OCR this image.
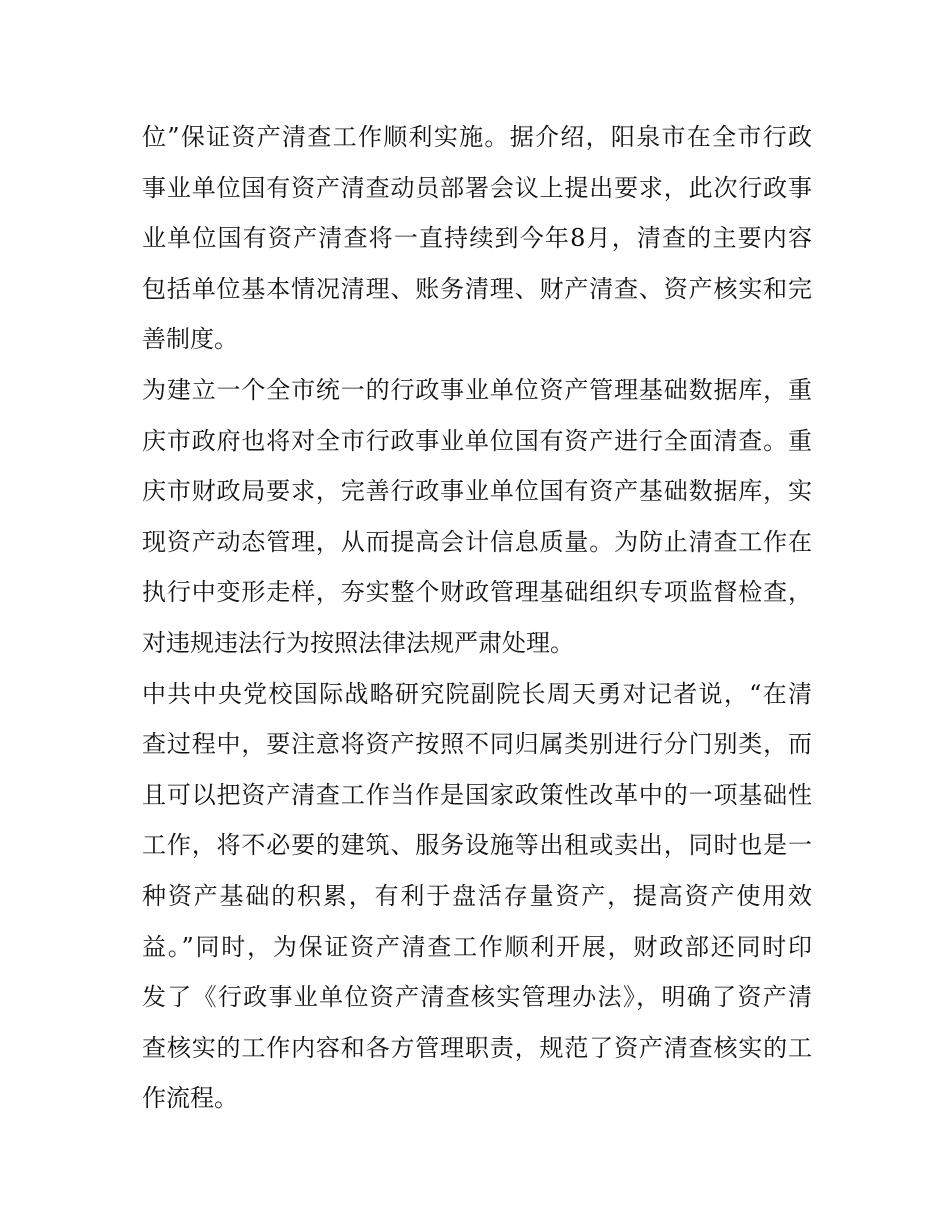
位”保证资产清查工作顺利实施。据介绍，阳泉市在全市行政
事业单位国有资产清查动员部署会议上提出要求，此次行政事
业单位国有资产清查将一直持续到今年8月，清查的主要内容
包括单位基本情况清理、账务清理、财产清查、资产核实和完
善制度。
为建立一个全市统一的行政事业单位资产管理基础数据库，重
庆市政府也将对全市行政事业单位国有资产进行全面清查。重
庆市财政局要求，完善行政事业单位国有资产基础数据库，实
现资产动态管理，从而提高会计信息质量。为防止清查工作在
执行中变形走样，夯实整个财政管理基础组织专项监督检查，
对违规违法行为按照法律法规严肃处理。
中共中央党校国际战略研究院副院长周天勇对记者说，“在清
查过程中，要注意将资产按照不同归属类别进行分门别类，而
且可以把资产清查工作当作是国家政策性改革中的一项基础性
工作，将不必要的建筑、服务设施等出租或卖出，同时也是一
种资产基础的积累，有利于盘活存量资产，提高资产使用效
益。”同时，为保证资产清查工作顺利开展，财政部还同时印
发了《行政事业单位资产清查核实管理办法》，明确了资产清
查核实的工作内容和各方管理职责，规范了资产清查核实的工
作流程。
